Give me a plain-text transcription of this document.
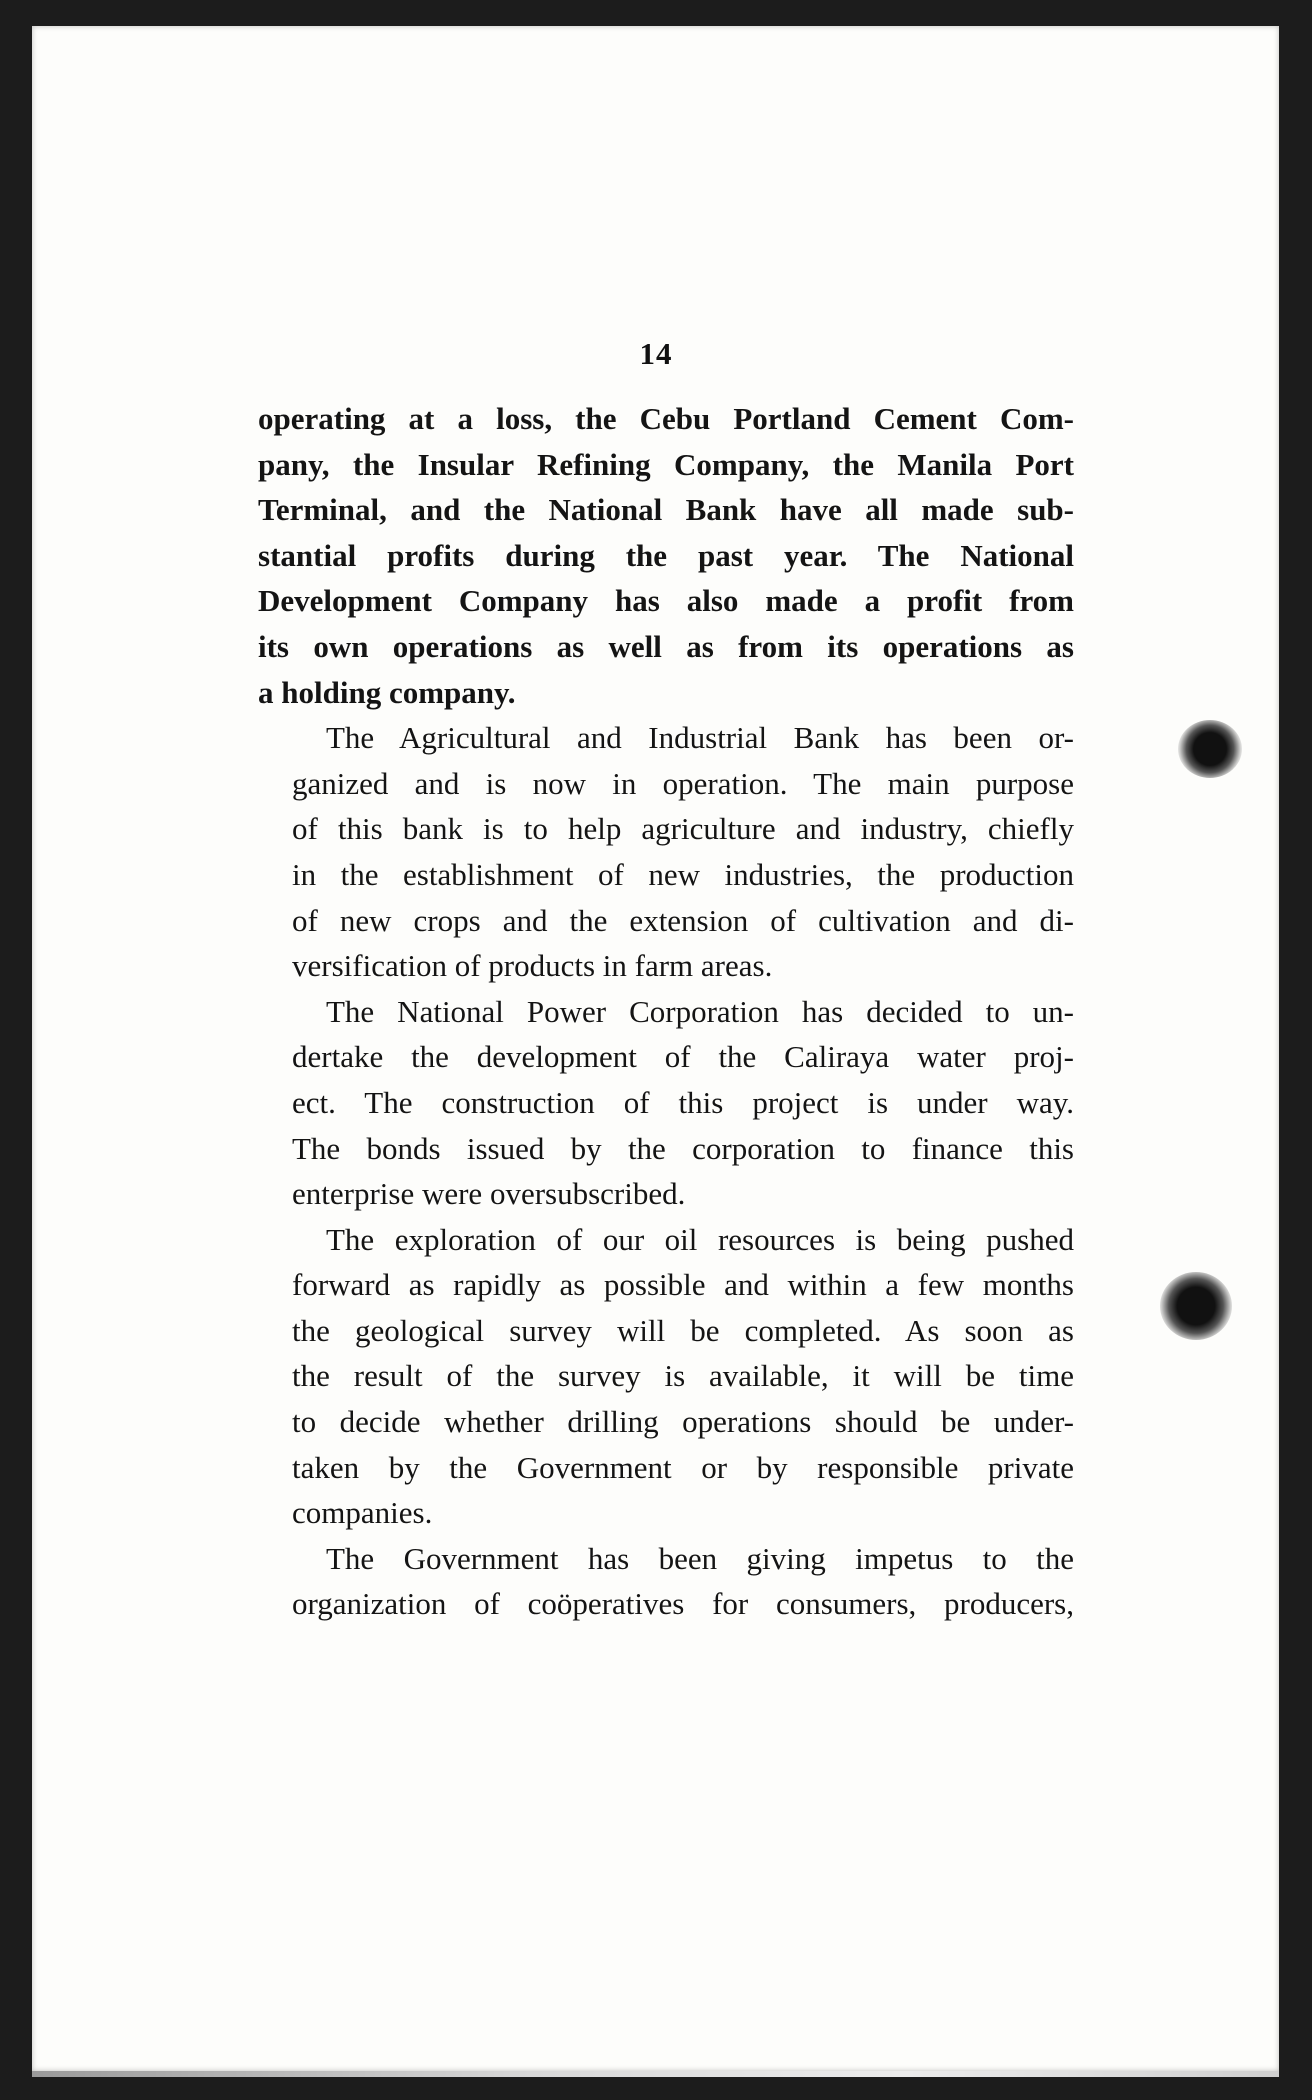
14
operating at a loss, the Cebu Portland Cement Com-
pany, the Insular Refining Company, the Manila Port
Terminal, and the National Bank have all made sub-
stantial profits during the past year. The National
Development Company has also made a profit from
its own operations as well as from its operations as
a holding company.
The Agricultural and Industrial Bank has been or-
ganized and is now in operation. The main purpose
of this bank is to help agriculture and industry, chiefly
in the establishment of new industries, the production
of new crops and the extension of cultivation and di-
versification of products in farm areas.
The National Power Corporation has decided to un-
dertake the development of the Caliraya water proj-
ect. The construction of this project is under way.
The bonds issued by the corporation to finance this
enterprise were oversubscribed.
The exploration of our oil resources is being pushed
forward as rapidly as possible and within a few months
the geological survey will be completed. As soon as
the result of the survey is available, it will be time
to decide whether drilling operations should be under-
taken by the Government or by responsible private
companies.
The Government has been giving impetus to the
organization of coöperatives for consumers, producers,
